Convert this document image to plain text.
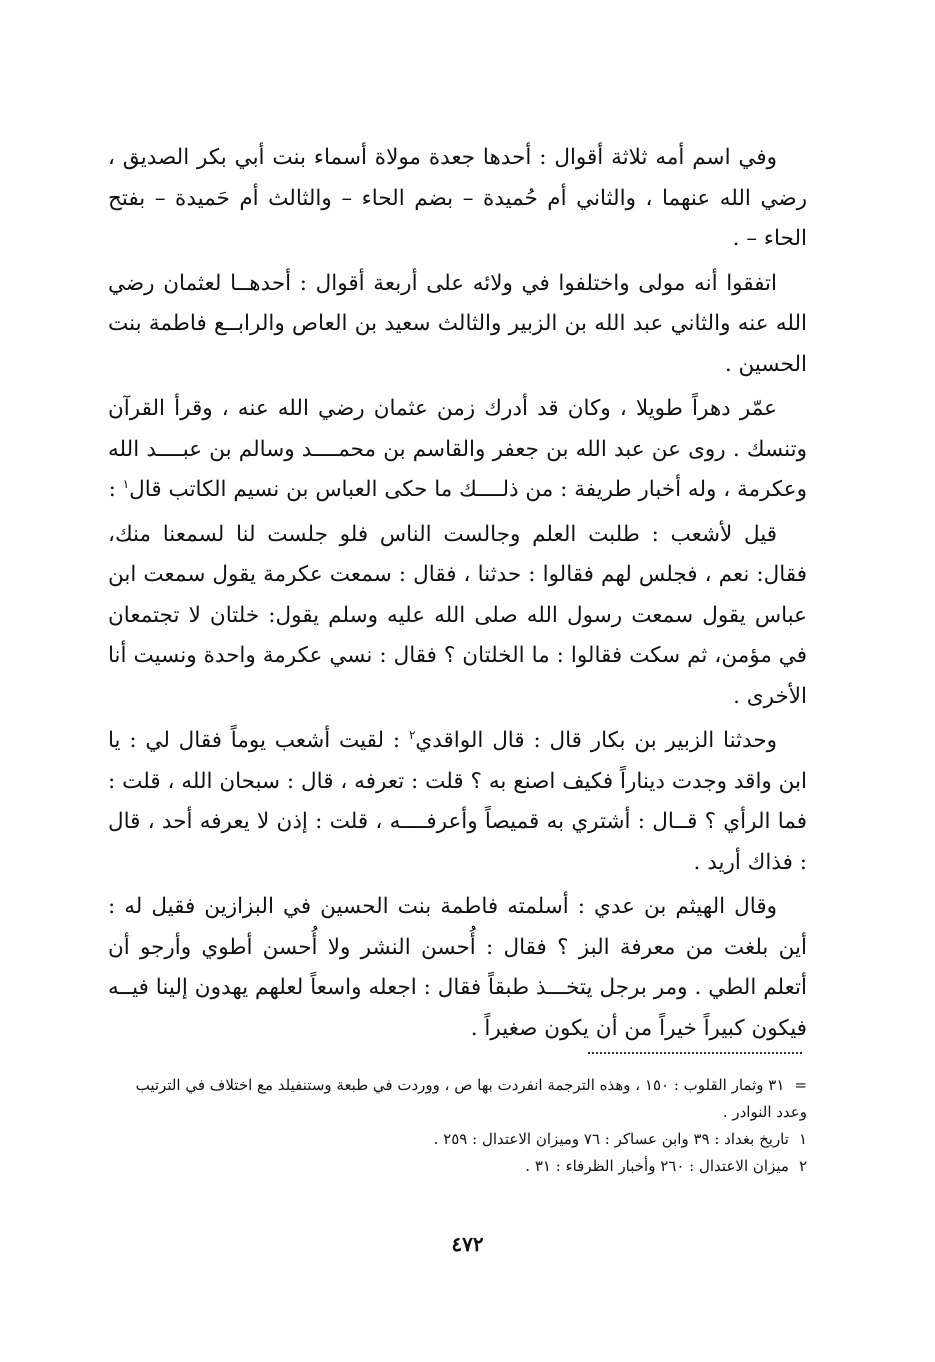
وفي اسم أمه ثلاثة أقوال : أحدها جعدة مولاة أسماء بنت أبي بكر الصديق ، رضي الله عنهما ، والثاني أم حُميدة – بضم الحاء – والثالث أم حَميدة – بفتح الحاء – .

اتفقوا أنه مولى واختلفوا في ولائه على أربعة أقوال : أحدهــا لعثمان رضي الله عنه والثاني عبد الله بن الزبير والثالث سعيد بن العاص والرابــع فاطمة بنت الحسين .

عمّر دهراً طويلا ، وكان قد أدرك زمن عثمان رضي الله عنه ، وقرأ القرآن وتنسك . روى عن عبد الله بن جعفر والقاسم بن محمــــد وسالم بن عبــــد الله وعكرمة ، وله أخبار طريفة : من ذلــــك ما حكى العباس بن نسيم الكاتب قال$^١$ :

قيل لأشعب : طلبت العلم وجالست الناس فلو جلست لنا لسمعنا منك، فقال: نعم ، فجلس لهم فقالوا : حدثنا ، فقال : سمعت عكرمة يقول سمعت ابن عباس يقول سمعت رسول الله صلى الله عليه وسلم يقول: خلتان لا تجتمعان في مؤمن، ثم سكت فقالوا : ما الخلتان ؟ فقال : نسي عكرمة واحدة ونسيت أنا الأخرى .

وحدثنا الزبير بن بكار قال : قال الواقدي$^٢$ : لقيت أشعب يوماً فقال لي : يا ابن واقد وجدت ديناراً فكيف اصنع به ؟ قلت : تعرفه ، قال : سبحان الله ، قلت : فما الرأي ؟ قــال : أشتري به قميصاً وأعرفــــه ، قلت : إذن لا يعرفه أحد ، قال : فذاك أريد .

وقال الهيثم بن عدي : أسلمته فاطمة بنت الحسين في البزازين فقيل له : أين بلغت من معرفة البز ؟ فقال : أُحسن النشر ولا أُحسن أطوي وأرجو أن أتعلم الطي . ومر برجل يتخـــذ طبقاً فقال : اجعله واسعاً لعلهم يهدون إلينا فيــه فيكون كبيراً خيراً من أن يكون صغيراً .

=٣١ وثمار القلوب : ١٥٠ ، وهذه الترجمة انفردت بها ص ، ووردت في طبعة وستنفيلد مع اختلاف في الترتيب وعدد النوادر .

١تاريخ بغداد : ٣٩ وابن عساكر : ٧٦ وميزان الاعتدال : ٢٥٩ .

٢ميزان الاعتدال : ٢٦٠ وأخبار الظرفاء : ٣١ .

٤٧٢
